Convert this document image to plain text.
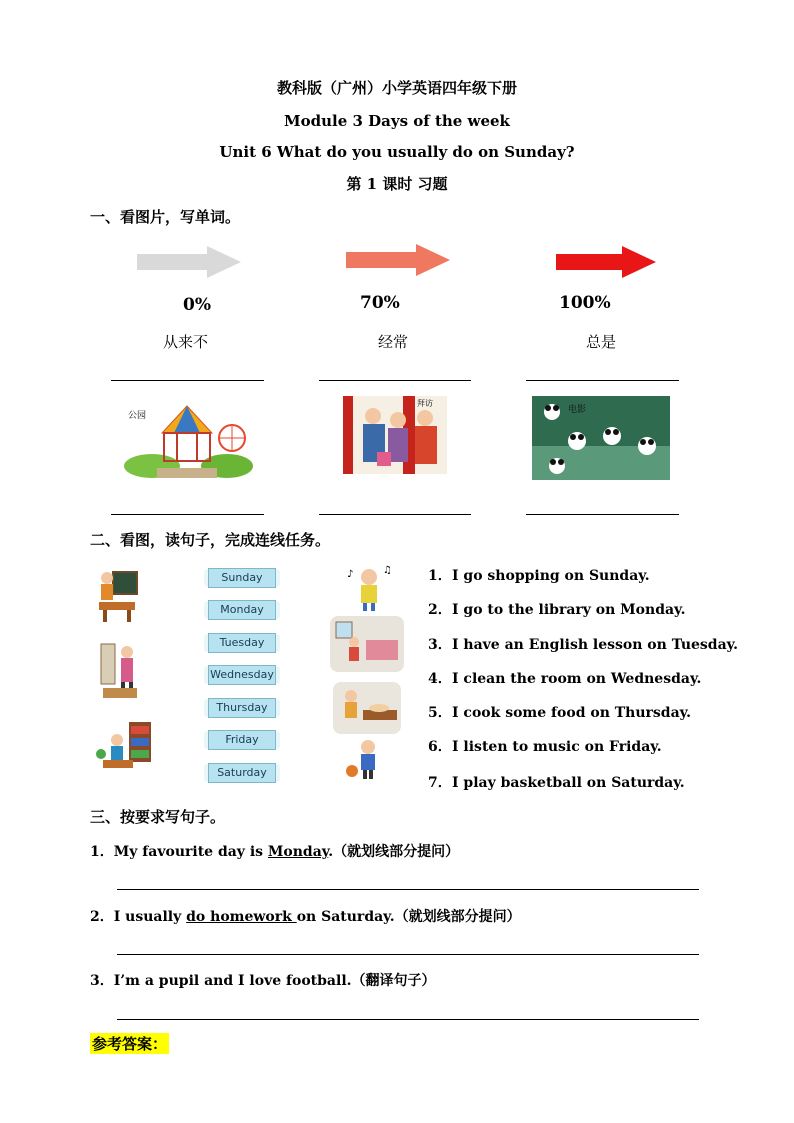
教科版（广州）小学英语四年级下册
Module 3 Days of the week
Unit 6 What do you usually do on Sunday?
第 1 课时 习题
一、看图片，写单词。
0%	70%	100%
从来不	经常	总是
公园
拜访
电影
二、看图，读句子，完成连线任务。
Sunday
Monday
Tuesday
Wednesday
Thursday
Friday
Saturday
♪	♫	1．I go shopping on Sunday.
2．I go to the library on Monday.
3．I have an English lesson on Tuesday.
4．I clean the room on Wednesday.
5．I cook some food on Thursday.
6．I listen to music on Friday.
7．I play basketball on Saturday.
三、按要求写句子。
1．My favourite day is Monday.（就划线部分提问）
2．I usually do homework on Saturday.（就划线部分提问）
3．I’m a pupil and I love football.（翻译句子）
参考答案：
